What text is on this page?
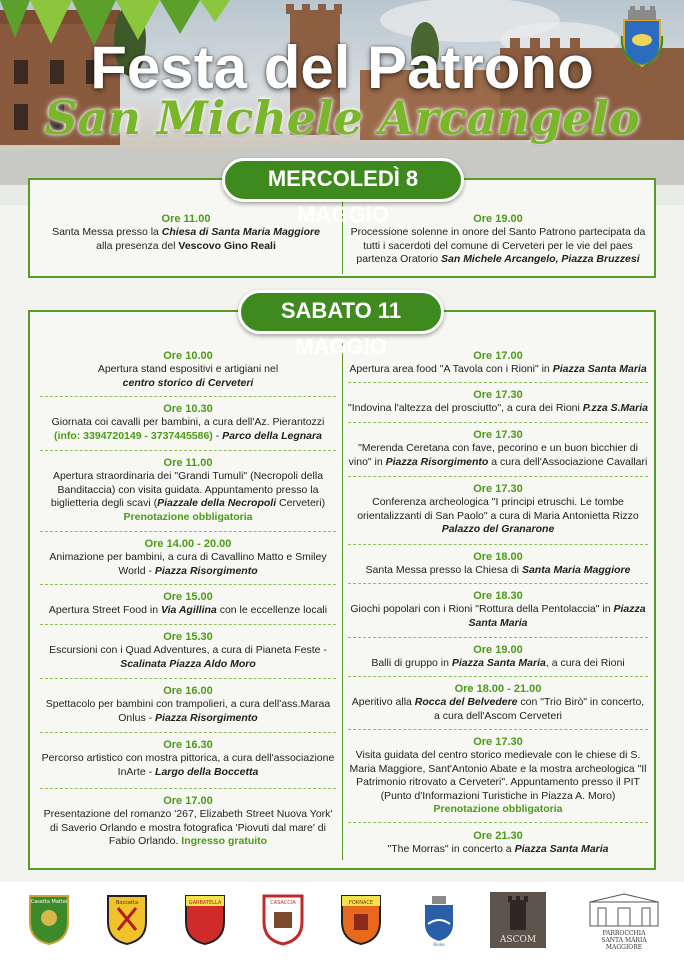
Festa del Patrono
San Michele Arcangelo
MERCOLEDÌ 8 MAGGIO
Ore 11.00
Santa Messa presso la Chiesa di Santa Maria Maggiore alla presenza del Vescovo Gino Reali
Ore 19.00
Processione solenne in onore del Santo Patrono partecipata da tutti i sacerdoti del comune di Cerveteri per le vie del paes partenza Oratorio San Michele Arcangelo, Piazza Bruzzesi
SABATO 11 MAGGIO
Ore 10.00
Apertura stand espositivi e artigiani nel
centro storico di Cerveteri
Ore 10.30
Giornata coi cavalli per bambini, a cura dell'Az. Pierantozzi (info: 3394720149 - 3737445586) - Parco della Legnara
Ore 11.00
Apertura straordinaria dei "Grandi Tumuli" (Necropoli della Banditaccia) con visita guidata. Appuntamento presso la biglietteria degli scavi (Piazzale della Necropoli Cerveteri)
Prenotazione obbligatoria
Ore 14.00 - 20.00
Animazione per bambini, a cura di Cavallino Matto e Smiley World - Piazza Risorgimento
Ore 15.00
Apertura Street Food in Via Agillina con le eccellenze locali
Ore 15.30
Escursioni con i Quad Adventures, a cura di Pianeta Feste - Scalinata Piazza Aldo Moro
Ore 16.00
Spettacolo per bambini con trampolieri, a cura dell'ass.Maraa Onlus - Piazza Risorgimento
Ore 16.30
Percorso artistico con mostra pittorica, a cura dell'associazione InArte - Largo della Boccetta
Ore 17.00
Presentazione del romanzo '267, Elizabeth Street Nuova York' di Saverio Orlando e mostra fotografica 'Piovuti dal mare' di Fabio Orlando. Ingresso gratuito
Ore 17.00
Apertura area food "A Tavola con i Rioni" in Piazza Santa Maria
Ore 17.30
"Indovina l'altezza del prosciutto", a cura dei Rioni P.zza S.Maria
Ore 17.30
"Merenda Ceretana con fave, pecorino e un buon bicchier di vino" in Piazza Risorgimento a cura dell'Associazione Cavallari
Ore 17.30
Conferenza archeologica "I principi etruschi. Le tombe orientalizzanti di San Paolo" a cura di Maria Antonietta Rizzo
Palazzo del Granarone
Ore 18.00
Santa Messa presso la Chiesa di Santa Maria Maggiore
Ore 18.30
Giochi popolari con i Rioni "Rottura della Pentolaccia" in Piazza Santa Maria
Ore 19.00
Balli di gruppo in Piazza Santa Maria, a cura dei Rioni
Ore 18.00 - 21.00
Aperitivo alla Rocca del Belvedere con "Trio Birò" in concerto, a cura dell'Ascom Cerveteri
Ore 17.30
Visita guidata del centro storico medievale con le chiese di S. Maria Maggiore, Sant'Antonio Abate e la mostra archeologica "Il Patrimonio ritrovato a Cerveteri". Appuntamento presso il PIT (Punto d'Informazioni Turistiche in Piazza A. Moro)
Prenotazione obbligatoria
Ore 21.30
"The Morras" in concerto a Piazza Santa Maria
Casetta Mattei	Boccetta	GARBATELLA	CASACCIA	FORNACE
Rione	ASCOM
PARROCCHIA
SANTA MARIA MAGGIORE
